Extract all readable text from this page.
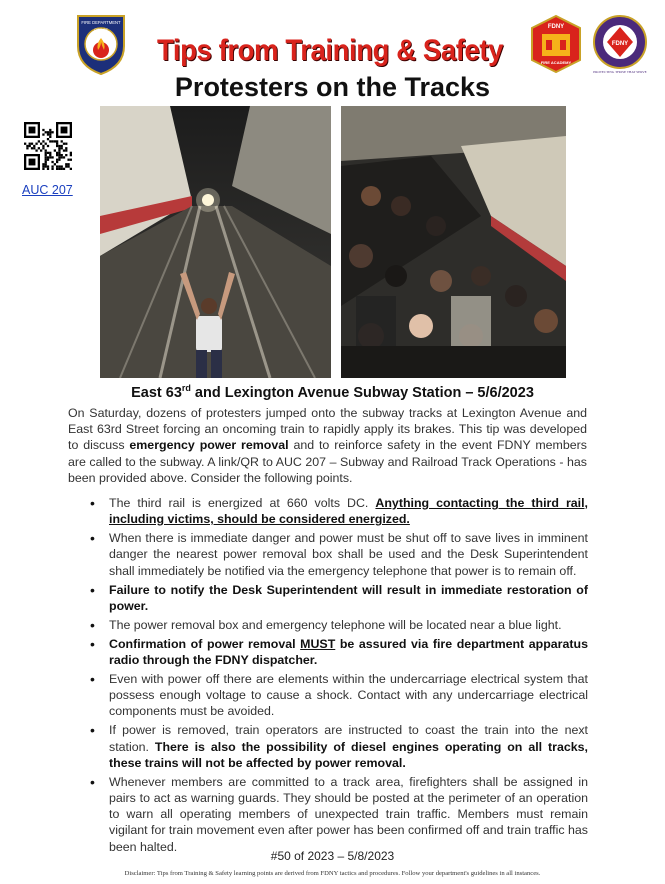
FIRE DEPARTMENT
CITY OF
NEW YORK	Tips from Training & Safety
Protesters on the Tracks
FDNY
FIRE ACADEMY
FDNY
PROTECTING THOSE THAT SERVE
AUC 207
East 63rd and Lexington Avenue Subway Station – 5/6/2023

On Saturday, dozens of protesters jumped onto the subway tracks at Lexington Avenue and East 63rd Street forcing an oncoming train to rapidly apply its brakes. This tip was developed to discuss emergency power removal and to reinforce safety in the event FDNY members are called to the subway. A link/QR to AUC 207 – Subway and Railroad Track Operations - has been provided above. Consider the following points.

• The third rail is energized at 660 volts DC. Anything contacting the third rail, including victims, should be considered energized.
• When there is immediate danger and power must be shut off to save lives in imminent danger the nearest power removal box shall be used and the Desk Superintendent shall immediately be notified via the emergency telephone that power is to remain off.
• Failure to notify the Desk Superintendent will result in immediate restoration of power.
• The power removal box and emergency telephone will be located near a blue light.
• Confirmation of power removal MUST be assured via fire department apparatus radio through the FDNY dispatcher.
• Even with power off there are elements within the undercarriage electrical system that possess enough voltage to cause a shock. Contact with any undercarriage electrical components must be avoided.
• If power is removed, train operators are instructed to coast the train into the next station. There is also the possibility of diesel engines operating on all tracks, these trains will not be affected by power removal.
• Whenever members are committed to a track area, firefighters shall be assigned in pairs to act as warning guards. They should be posted at the perimeter of an operation to warn all operating members of unexpected train traffic. Members must remain vigilant for train movement even after power has been confirmed off and train traffic has been halted.
#50 of 2023 – 5/8/2023
Disclaimer: Tips from Training & Safety learning points are derived from FDNY tactics and procedures. Follow your department's guidelines in all instances.
